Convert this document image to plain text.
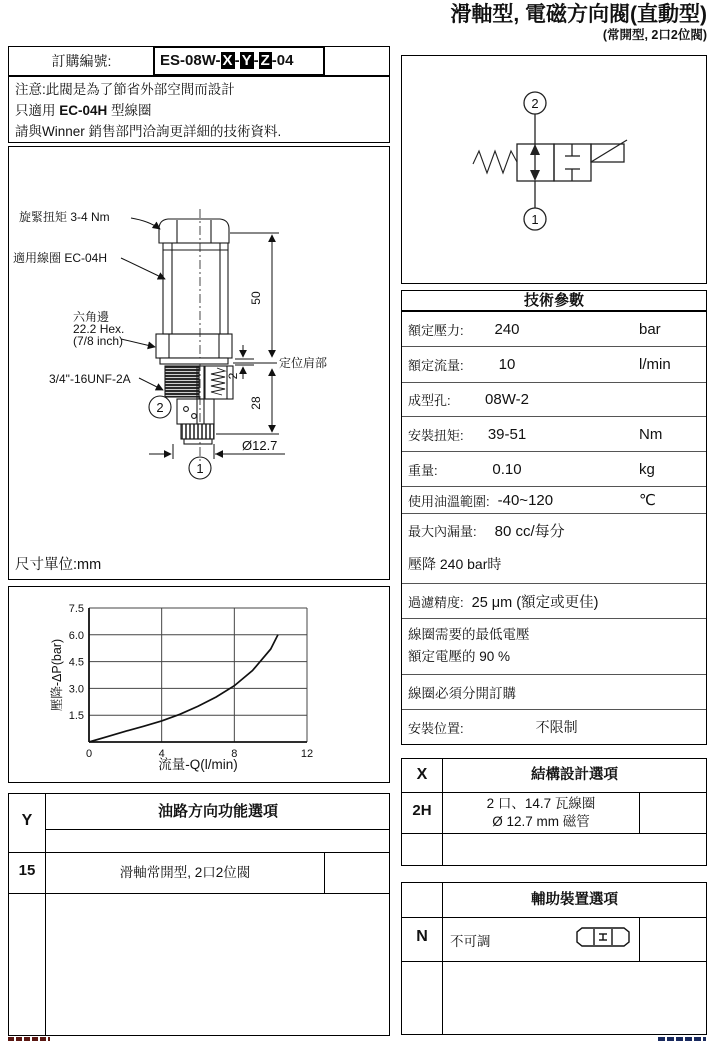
滑軸型, 電磁方向閥(直動型)
(常開型, 2口2位閥)
訂購編號:	ES-08W- X - Y - Z -04
注意:此閥是為了節省外部空間而設計
只適用 EC-04H 型線圈
請與Winner 銷售部門洽詢更詳細的技術資料.
旋緊扭矩 3-4 Nm
適用線圈 EC-04H
六角邊
22.2 Hex.
(7/8 inch)
3/4"-16UNF-2A
定位肩部
50
2
28
Ø12.7
2
1
尺寸單位:mm
0	4	8	12
1.5
3.0
4.5
6.0
7.5
流量-Q(l/min)
壓降-ΔP(bar)
2
1
技術參數
額定壓力:	240	bar
額定流量:	10	l/min
成型孔:	08W-2
安裝扭矩:	39-51	Nm
重量:	0.10	kg
使用油溫範圍: -40~120	℃
最大內漏量: 80 cc/每分
壓降 240 bar時
過濾精度: 25 μm (額定或更佳)
線圈需要的最低電壓
額定電壓的 90 %
線圈必須分開訂購
安裝位置:	不限制
Y
油路方向功能選項
15	滑軸常開型, 2口2位閥
X	結構設計選項
2H	2 口、14.7 瓦線圈
Ø 12.7 mm 磁管
輔助裝置選項
N	不可調
